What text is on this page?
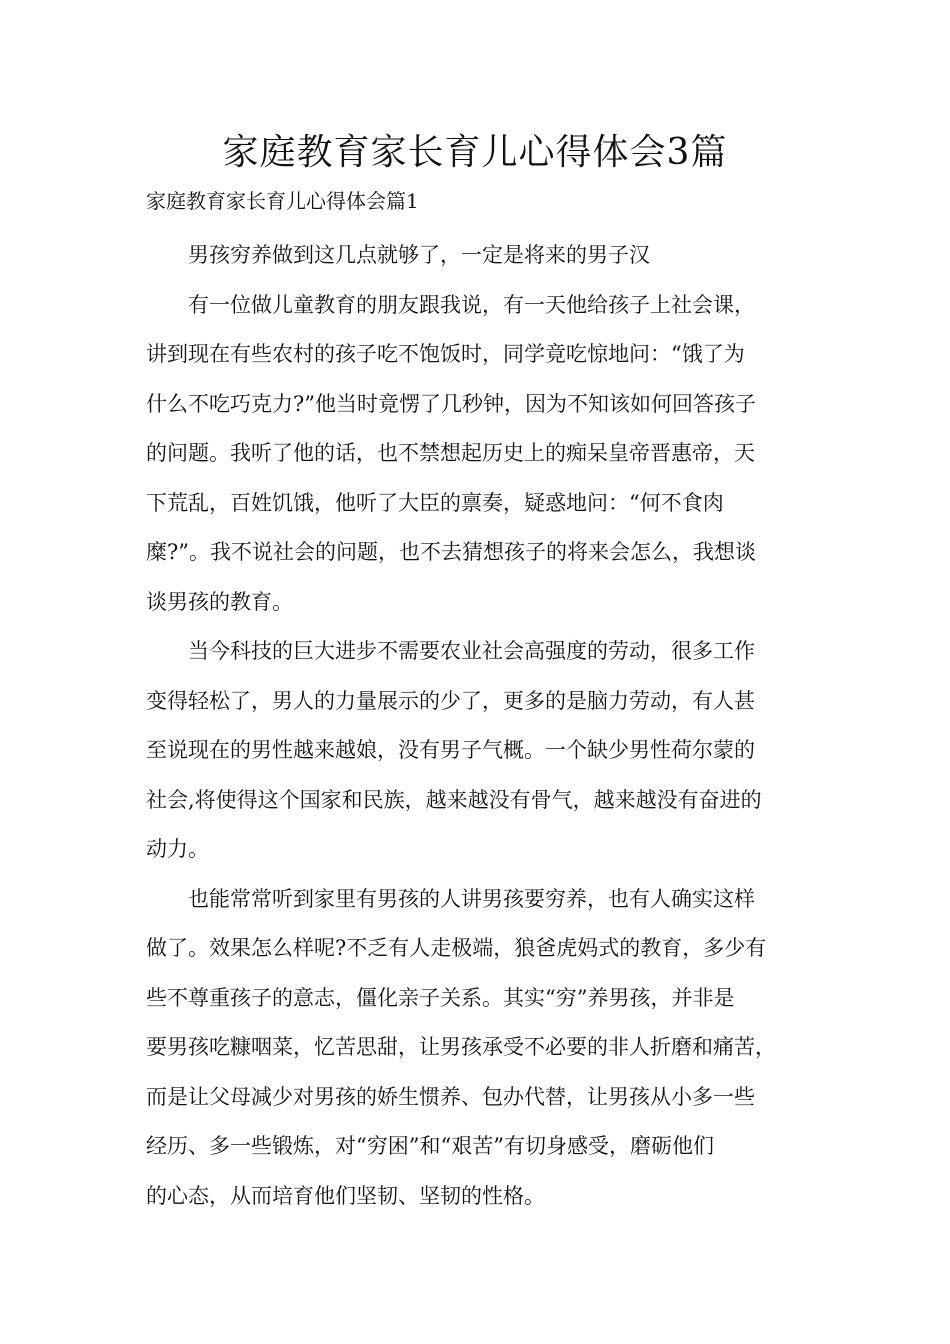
家庭教育家长育儿心得体会3篇
家庭教育家长育儿心得体会篇1

男孩穷养做到这几点就够了，一定是将来的男子汉

有一位做儿童教育的朋友跟我说，有一天他给孩子上社会课，
讲到现在有些农村的孩子吃不饱饭时，同学竟吃惊地问：“饿了为
什么不吃巧克力?”他当时竟愣了几秒钟，因为不知该如何回答孩子
的问题。我听了他的话，也不禁想起历史上的痴呆皇帝晋惠帝，天
下荒乱，百姓饥饿，他听了大臣的禀奏，疑惑地问：“何不食肉
糜?”。我不说社会的问题，也不去猜想孩子的将来会怎么，我想谈
谈男孩的教育。

当今科技的巨大进步不需要农业社会高强度的劳动，很多工作
变得轻松了，男人的力量展示的少了，更多的是脑力劳动，有人甚
至说现在的男性越来越娘，没有男子气概。一个缺少男性荷尔蒙的
社会,将使得这个国家和民族，越来越没有骨气，越来越没有奋进的
动力。

也能常常听到家里有男孩的人讲男孩要穷养，也有人确实这样
做了。效果怎么样呢?不乏有人走极端，狼爸虎妈式的教育，多少有
些不尊重孩子的意志，僵化亲子关系。其实“穷”养男孩，并非是
要男孩吃糠咽菜，忆苦思甜，让男孩承受不必要的非人折磨和痛苦，
而是让父母减少对男孩的娇生惯养、包办代替，让男孩从小多一些
经历、多一些锻炼，对“穷困”和“艰苦”有切身感受，磨砺他们
的心态，从而培育他们坚韧、坚韧的性格。
